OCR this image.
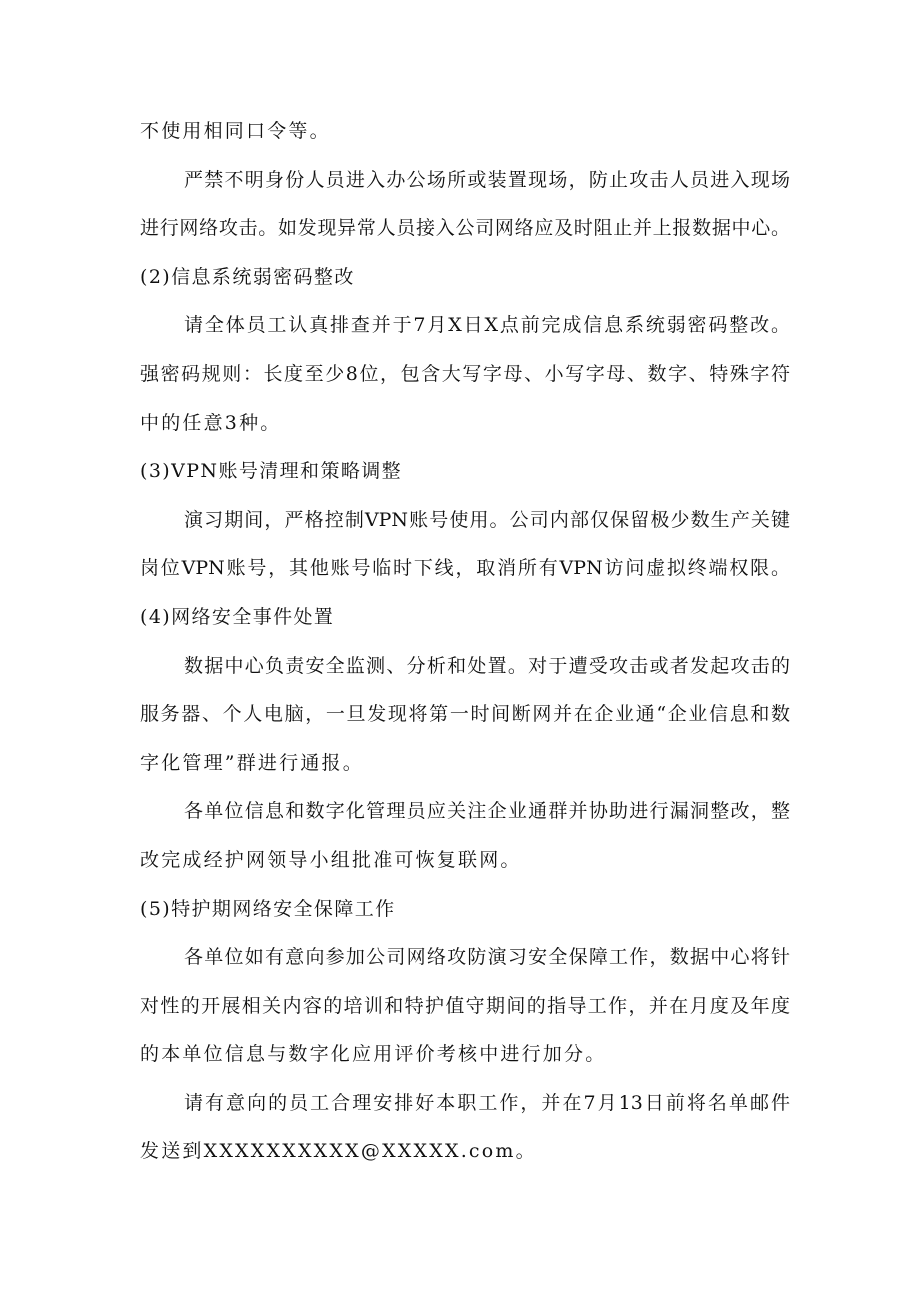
不使用相同口令等。
严禁不明身份人员进入办公场所或装置现场，防止攻击人员进入现场
进行网络攻击。如发现异常人员接入公司网络应及时阻止并上报数据中心。
(2)信息系统弱密码整改
请全体员工认真排查并于7月X日X点前完成信息系统弱密码整改。
强密码规则：长度至少8位，包含大写字母、小写字母、数字、特殊字符
中的任意3种。
(3)VPN账号清理和策略调整
演习期间，严格控制VPN账号使用。公司内部仅保留极少数生产关键
岗位VPN账号，其他账号临时下线，取消所有VPN访问虚拟终端权限。
(4)网络安全事件处置
数据中心负责安全监测、分析和处置。对于遭受攻击或者发起攻击的
服务器、个人电脑，一旦发现将第一时间断网并在企业通“企业信息和数
字化管理”群进行通报。
各单位信息和数字化管理员应关注企业通群并协助进行漏洞整改，整
改完成经护网领导小组批准可恢复联网。
(5)特护期网络安全保障工作
各单位如有意向参加公司网络攻防演习安全保障工作，数据中心将针
对性的开展相关内容的培训和特护值守期间的指导工作，并在月度及年度
的本单位信息与数字化应用评价考核中进行加分。
请有意向的员工合理安排好本职工作，并在7月13日前将名单邮件
发送到XXXXXXXXXX@XXXXX.com。
